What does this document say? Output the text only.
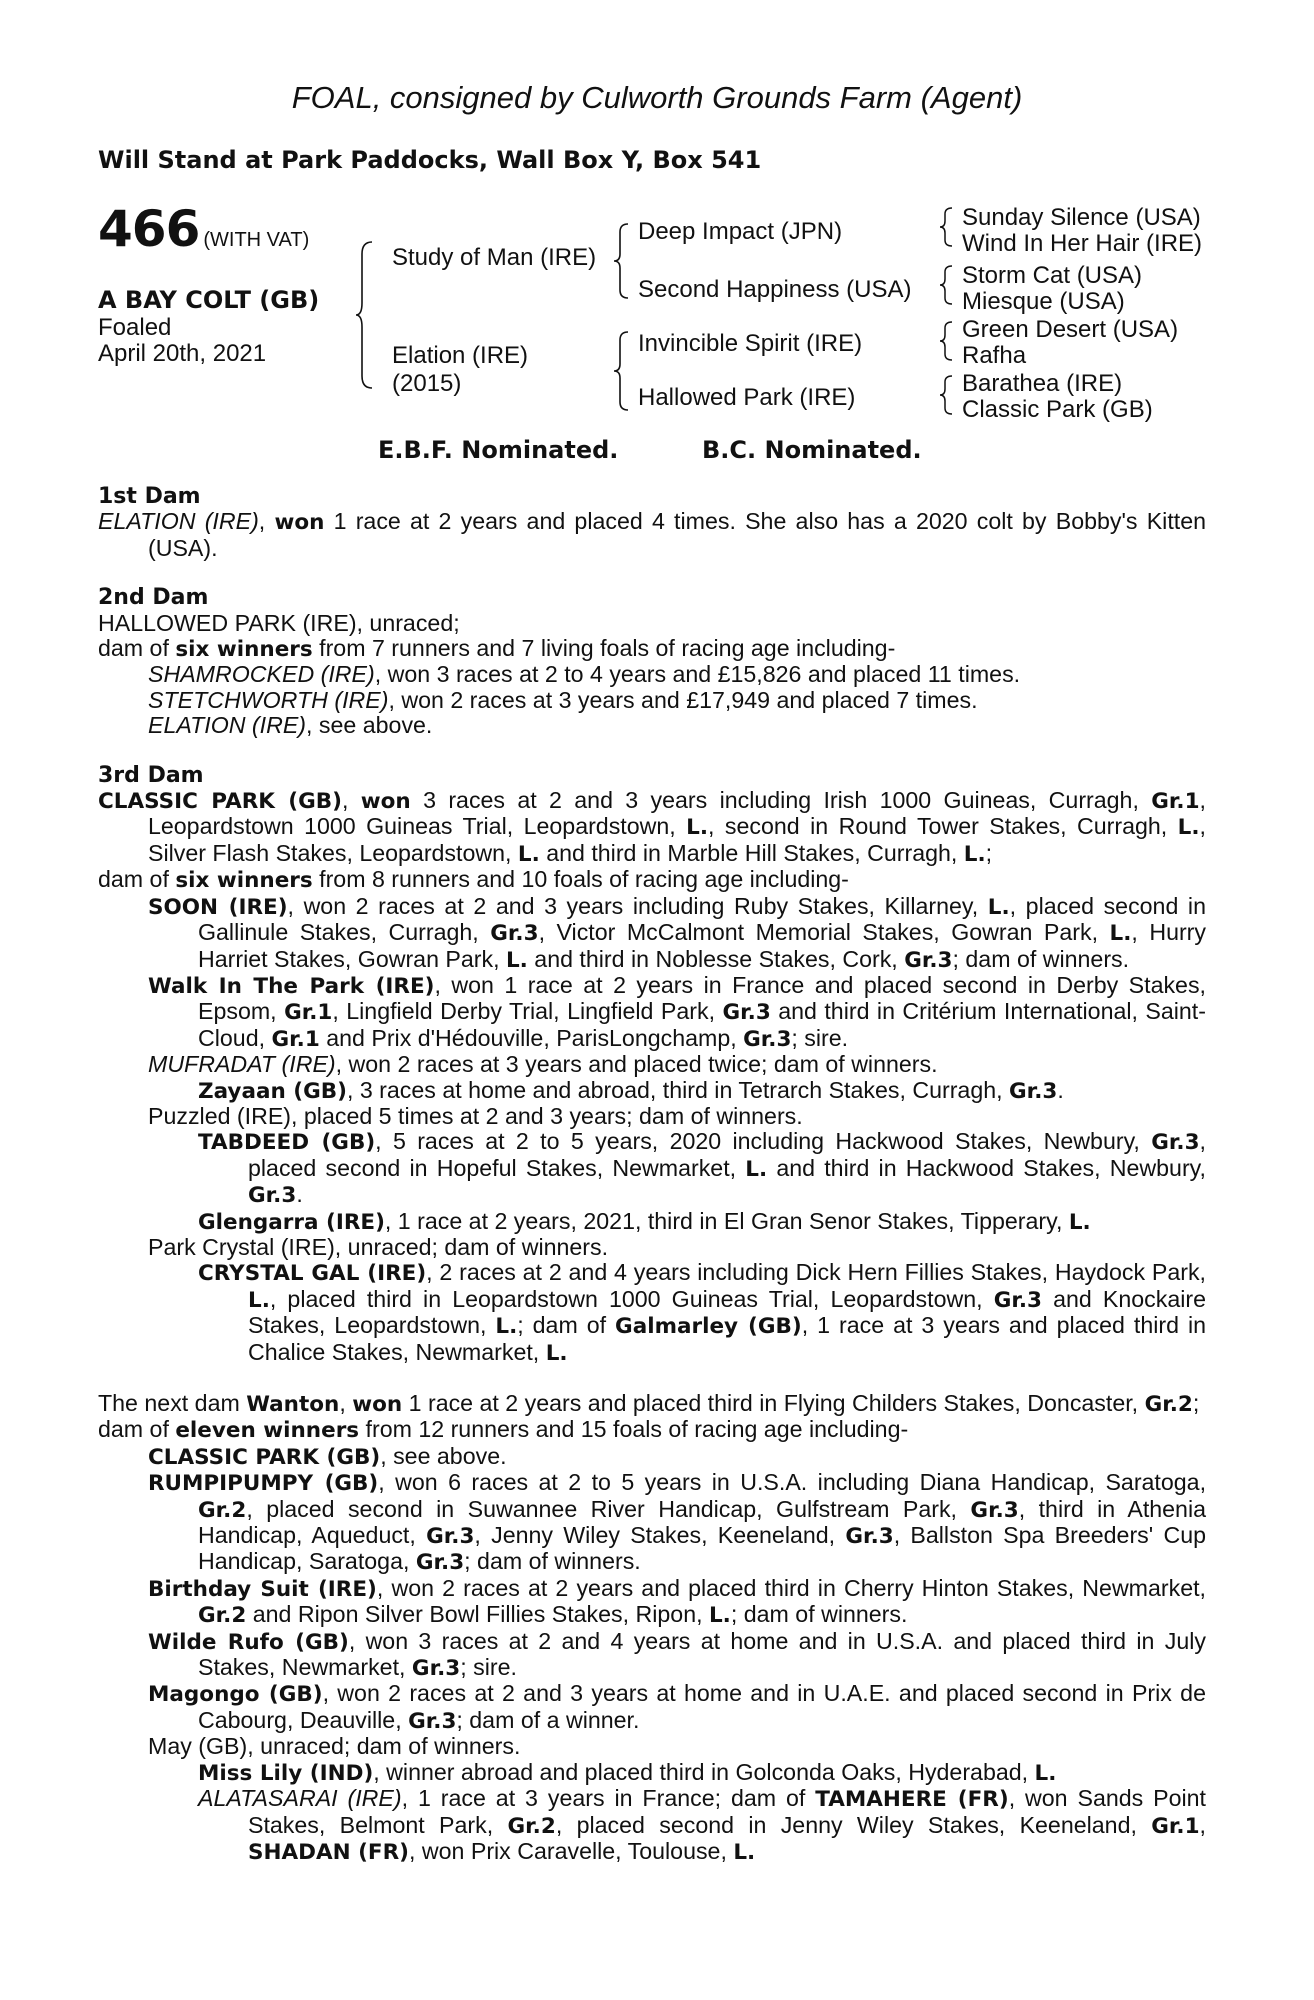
FOAL, consigned by Culworth Grounds Farm (Agent)
Will Stand at Park Paddocks, Wall Box Y, Box 541
466 (WITH VAT)
A BAY COLT (GB)
Foaled
April 20th, 2021
Study of Man (IRE)
Elation (IRE)
(2015)
Deep Impact (JPN)
Second Happiness (USA)
Invincible Spirit (IRE)
Hallowed Park (IRE)
Sunday Silence (USA)
Wind In Her Hair (IRE)
Storm Cat (USA)
Miesque (USA)
Green Desert (USA)
Rafha
Barathea (IRE)
Classic Park (GB)
E.B.F. Nominated.	B.C. Nominated.
1st Dam
ELATION (IRE), won 1 race at 2 years and placed 4 times. She also has a 2020 colt by Bobby's Kitten (USA).
2nd Dam
HALLOWED PARK (IRE), unraced;
dam of six winners from 7 runners and 7 living foals of racing age including-
SHAMROCKED (IRE), won 3 races at 2 to 4 years and £15,826 and placed 11 times.
STETCHWORTH (IRE), won 2 races at 3 years and £17,949 and placed 7 times.
ELATION (IRE), see above.
3rd Dam
CLASSIC PARK (GB), won 3 races at 2 and 3 years including Irish 1000 Guineas, Curragh, Gr.1, Leopardstown 1000 Guineas Trial, Leopardstown, L., second in Round Tower Stakes, Curragh, L., Silver Flash Stakes, Leopardstown, L. and third in Marble Hill Stakes, Curragh, L.;
dam of six winners from 8 runners and 10 foals of racing age including-
SOON (IRE), won 2 races at 2 and 3 years including Ruby Stakes, Killarney, L., placed second in Gallinule Stakes, Curragh, Gr.3, Victor McCalmont Memorial Stakes, Gowran Park, L., Hurry Harriet Stakes, Gowran Park, L. and third in Noblesse Stakes, Cork, Gr.3; dam of winners.
Walk In The Park (IRE), won 1 race at 2 years in France and placed second in Derby Stakes, Epsom, Gr.1, Lingfield Derby Trial, Lingfield Park, Gr.3 and third in Critérium International, Saint-Cloud, Gr.1 and Prix d'Hédouville, ParisLongchamp, Gr.3; sire.
MUFRADAT (IRE), won 2 races at 3 years and placed twice; dam of winners.
Zayaan (GB), 3 races at home and abroad, third in Tetrarch Stakes, Curragh, Gr.3.
Puzzled (IRE), placed 5 times at 2 and 3 years; dam of winners.
TABDEED (GB), 5 races at 2 to 5 years, 2020 including Hackwood Stakes, Newbury, Gr.3, placed second in Hopeful Stakes, Newmarket, L. and third in Hackwood Stakes, Newbury, Gr.3.
Glengarra (IRE), 1 race at 2 years, 2021, third in El Gran Senor Stakes, Tipperary, L.
Park Crystal (IRE), unraced; dam of winners.
CRYSTAL GAL (IRE), 2 races at 2 and 4 years including Dick Hern Fillies Stakes, Haydock Park, L., placed third in Leopardstown 1000 Guineas Trial, Leopardstown, Gr.3 and Knockaire Stakes, Leopardstown, L.; dam of Galmarley (GB), 1 race at 3 years and placed third in Chalice Stakes, Newmarket, L.
The next dam Wanton, won 1 race at 2 years and placed third in Flying Childers Stakes, Doncaster, Gr.2;
dam of eleven winners from 12 runners and 15 foals of racing age including-
CLASSIC PARK (GB), see above.
RUMPIPUMPY (GB), won 6 races at 2 to 5 years in U.S.A. including Diana Handicap, Saratoga, Gr.2, placed second in Suwannee River Handicap, Gulfstream Park, Gr.3, third in Athenia Handicap, Aqueduct, Gr.3, Jenny Wiley Stakes, Keeneland, Gr.3, Ballston Spa Breeders' Cup Handicap, Saratoga, Gr.3; dam of winners.
Birthday Suit (IRE), won 2 races at 2 years and placed third in Cherry Hinton Stakes, Newmarket, Gr.2 and Ripon Silver Bowl Fillies Stakes, Ripon, L.; dam of winners.
Wilde Rufo (GB), won 3 races at 2 and 4 years at home and in U.S.A. and placed third in July Stakes, Newmarket, Gr.3; sire.
Magongo (GB), won 2 races at 2 and 3 years at home and in U.A.E. and placed second in Prix de Cabourg, Deauville, Gr.3; dam of a winner.
May (GB), unraced; dam of winners.
Miss Lily (IND), winner abroad and placed third in Golconda Oaks, Hyderabad, L.
ALATASARAI (IRE), 1 race at 3 years in France; dam of TAMAHERE (FR), won Sands Point Stakes, Belmont Park, Gr.2, placed second in Jenny Wiley Stakes, Keeneland, Gr.1, SHADAN (FR), won Prix Caravelle, Toulouse, L.
